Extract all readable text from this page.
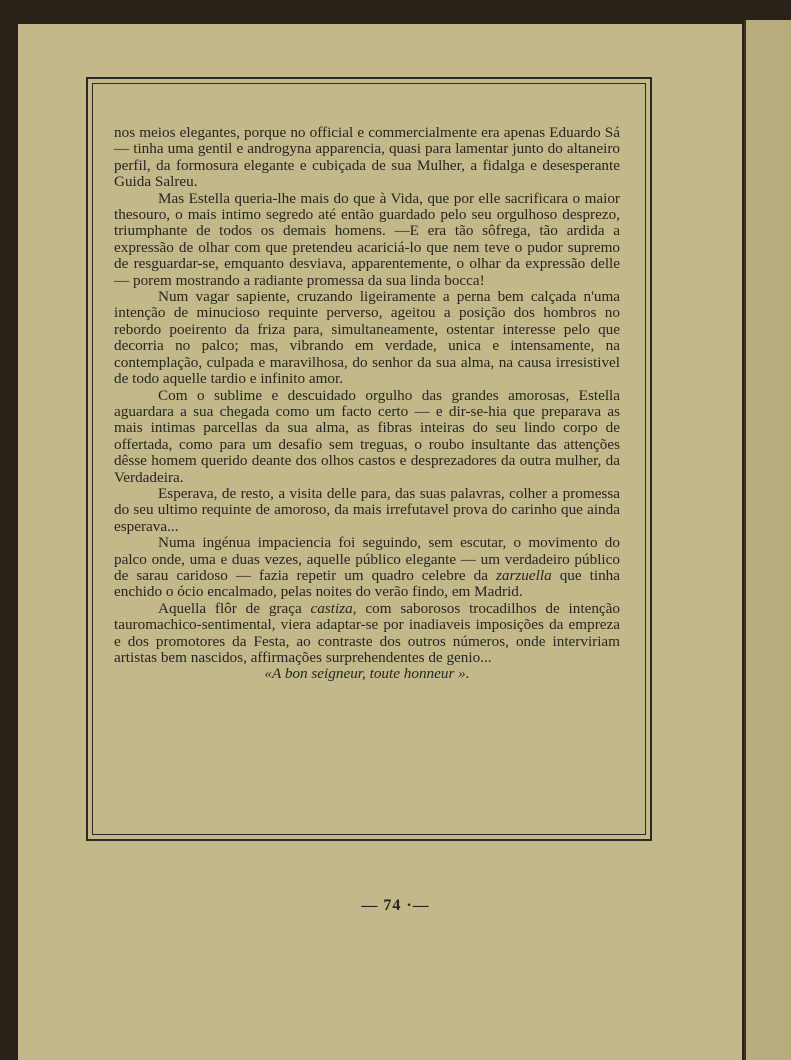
nos meios elegantes, porque no official e commercialmente era apenas Eduardo Sá — tinha uma gentil e androgyna apparencia, quasi para lamentar junto do altaneiro perfil, da formosura elegante e cubiçada de sua Mulher, a fidalga e desesperante Guida Salreu.

Mas Estella queria-lhe mais do que à Vida, que por elle sacrificara o maior thesouro, o mais intimo segredo até então guardado pelo seu orgulhoso desprezo, triumphante de todos os demais homens. —E era tão sôfrega, tão ardida a expressão de olhar com que pretendeu acariciá-lo que nem teve o pudor supremo de resguardar-se, emquanto desviava, apparentemente, o olhar da expressão delle — porem mostrando a radiante promessa da sua linda bocca!

Num vagar sapiente, cruzando ligeiramente a perna bem calçada n'uma intenção de minucioso requinte perverso, ageitou a posição dos hombros no rebordo poeirento da friza para, simultaneamente, ostentar interesse pelo que decorria no palco; mas, vibrando em verdade, unica e intensamente, na contemplação, culpada e maravilhosa, do senhor da sua alma, na causa irresistivel de todo aquelle tardio e infinito amor.

Com o sublime e descuidado orgulho das grandes amorosas, Estella aguardara a sua chegada como um facto certo — e dir-se-hia que preparava as mais intimas parcellas da sua alma, as fibras inteiras do seu lindo corpo de offertada, como para um desafio sem treguas, o roubo insultante das attenções dêsse homem querido deante dos olhos castos e desprezadores da outra mulher, da Verdadeira.

Esperava, de resto, a visita delle para, das suas palavras, colher a promessa do seu ultimo requinte de amoroso, da mais irrefutavel prova do carinho que ainda esperava...

Numa ingénua impaciencia foi seguindo, sem escutar, o movimento do palco onde, uma e duas vezes, aquelle público elegante — um verdadeiro público de sarau caridoso — fazia repetir um quadro celebre da zarzuella que tinha enchido o ócio encalmado, pelas noites do verão findo, em Madrid.

Aquella flôr de graça castiza, com saborosos trocadilhos de intenção tauromachico-sentimental, viera adaptar-se por inadiaveis imposições da empreza e dos promotores da Festa, ao contraste dos outros números, onde interviriam artistas bem nascidos, affirmações surprehendentes de genio...

«A bon seigneur, toute honneur ».

— 74 ·—
